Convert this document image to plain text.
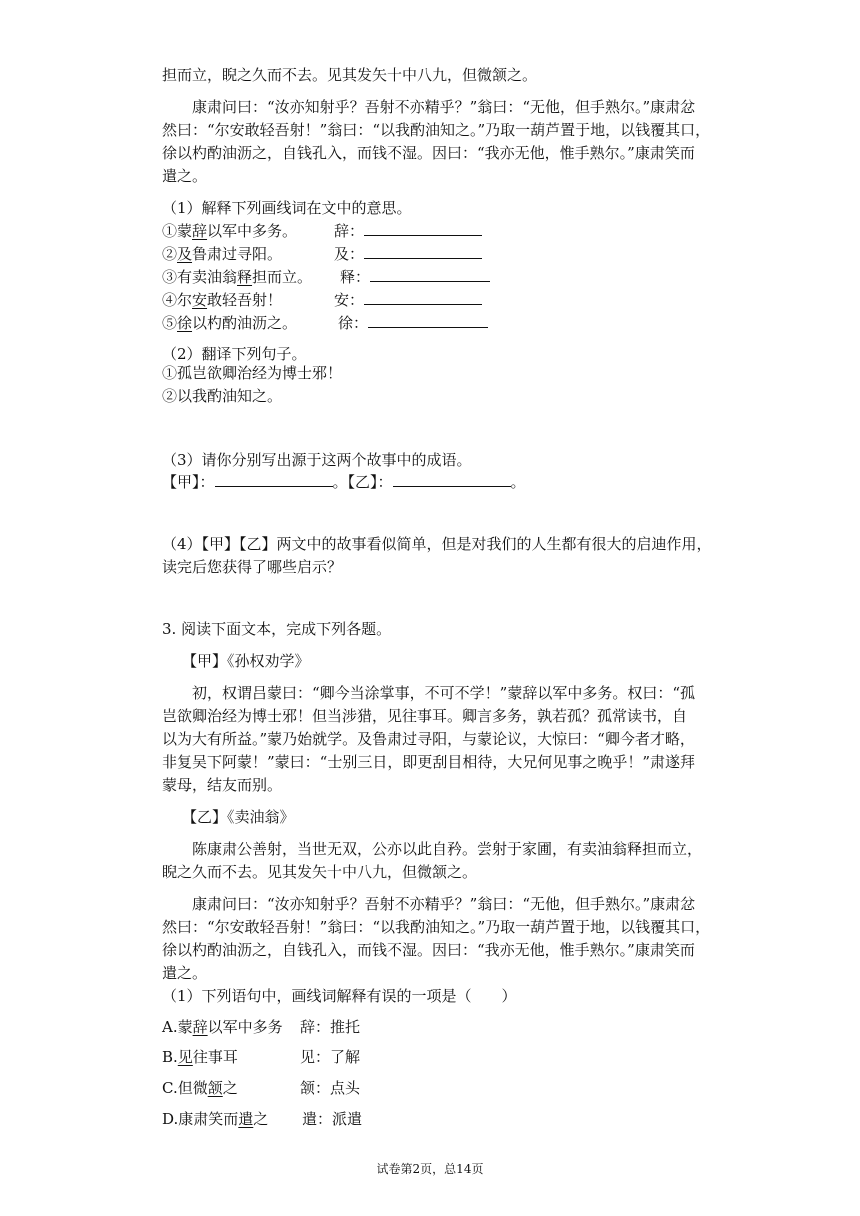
担而立，睨之久而不去。见其发矢十中八九，但微颔之。
康肃问曰：“汝亦知射乎？吾射不亦精乎？”翁曰：“无他，但手熟尔。”康肃忿
然曰：“尔安敢轻吾射！”翁曰：“以我酌油知之。”乃取一葫芦置于地，以钱覆其口，
徐以杓酌油沥之，自钱孔入，而钱不湿。因曰：“我亦无他，惟手熟尔。”康肃笑而
遣之。
（1）解释下列画线词在文中的意思。
①蒙辞以军中多务。 辞：
②及鲁肃过寻阳。	及：
③有卖油翁释担而立。 释：
④尔安敢轻吾射！	安：
⑤徐以杓酌油沥之。	徐：
（2）翻译下列句子。
①孤岂欲卿治经为博士邪！
②以我酌油知之。
（3）请你分别写出源于这两个故事中的成语。
【甲】：	。【乙】：	。
（4）【甲】【乙】两文中的故事看似简单，但是对我们的人生都有很大的启迪作用，
读完后您获得了哪些启示？
3. 阅读下面文本，完成下列各题。
【甲】《孙权劝学》
初，权谓吕蒙曰：“卿今当涂掌事，不可不学！”蒙辞以军中多务。权曰：“孤
岂欲卿治经为博士邪！但当涉猎，见往事耳。卿言多务，孰若孤？孤常读书，自
以为大有所益。”蒙乃始就学。及鲁肃过寻阳，与蒙论议，大惊曰：“卿今者才略，
非复吴下阿蒙！”蒙曰：“士别三日，即更刮目相待，大兄何见事之晚乎！”肃遂拜
蒙母，结友而别。
【乙】《卖油翁》
陈康肃公善射，当世无双，公亦以此自矜。尝射于家圃，有卖油翁释担而立，
睨之久而不去。见其发矢十中八九，但微颔之。
康肃问曰：“汝亦知射乎？吾射不亦精乎？”翁曰：“无他，但手熟尔。”康肃忿
然曰：“尔安敢轻吾射！”翁曰：“以我酌油知之。”乃取一葫芦置于地，以钱覆其口，
徐以杓酌油沥之，自钱孔入，而钱不湿。因曰：“我亦无他，惟手熟尔。”康肃笑而
遣之。
（1）下列语句中，画线词解释有误的一项是（　　）
A.蒙辞以军中多务 辞：推托
B.见往事耳	见：了解
C.但微颔之	颔：点头
D.康肃笑而遣之 遣：派遣
试卷第2页，总14页
